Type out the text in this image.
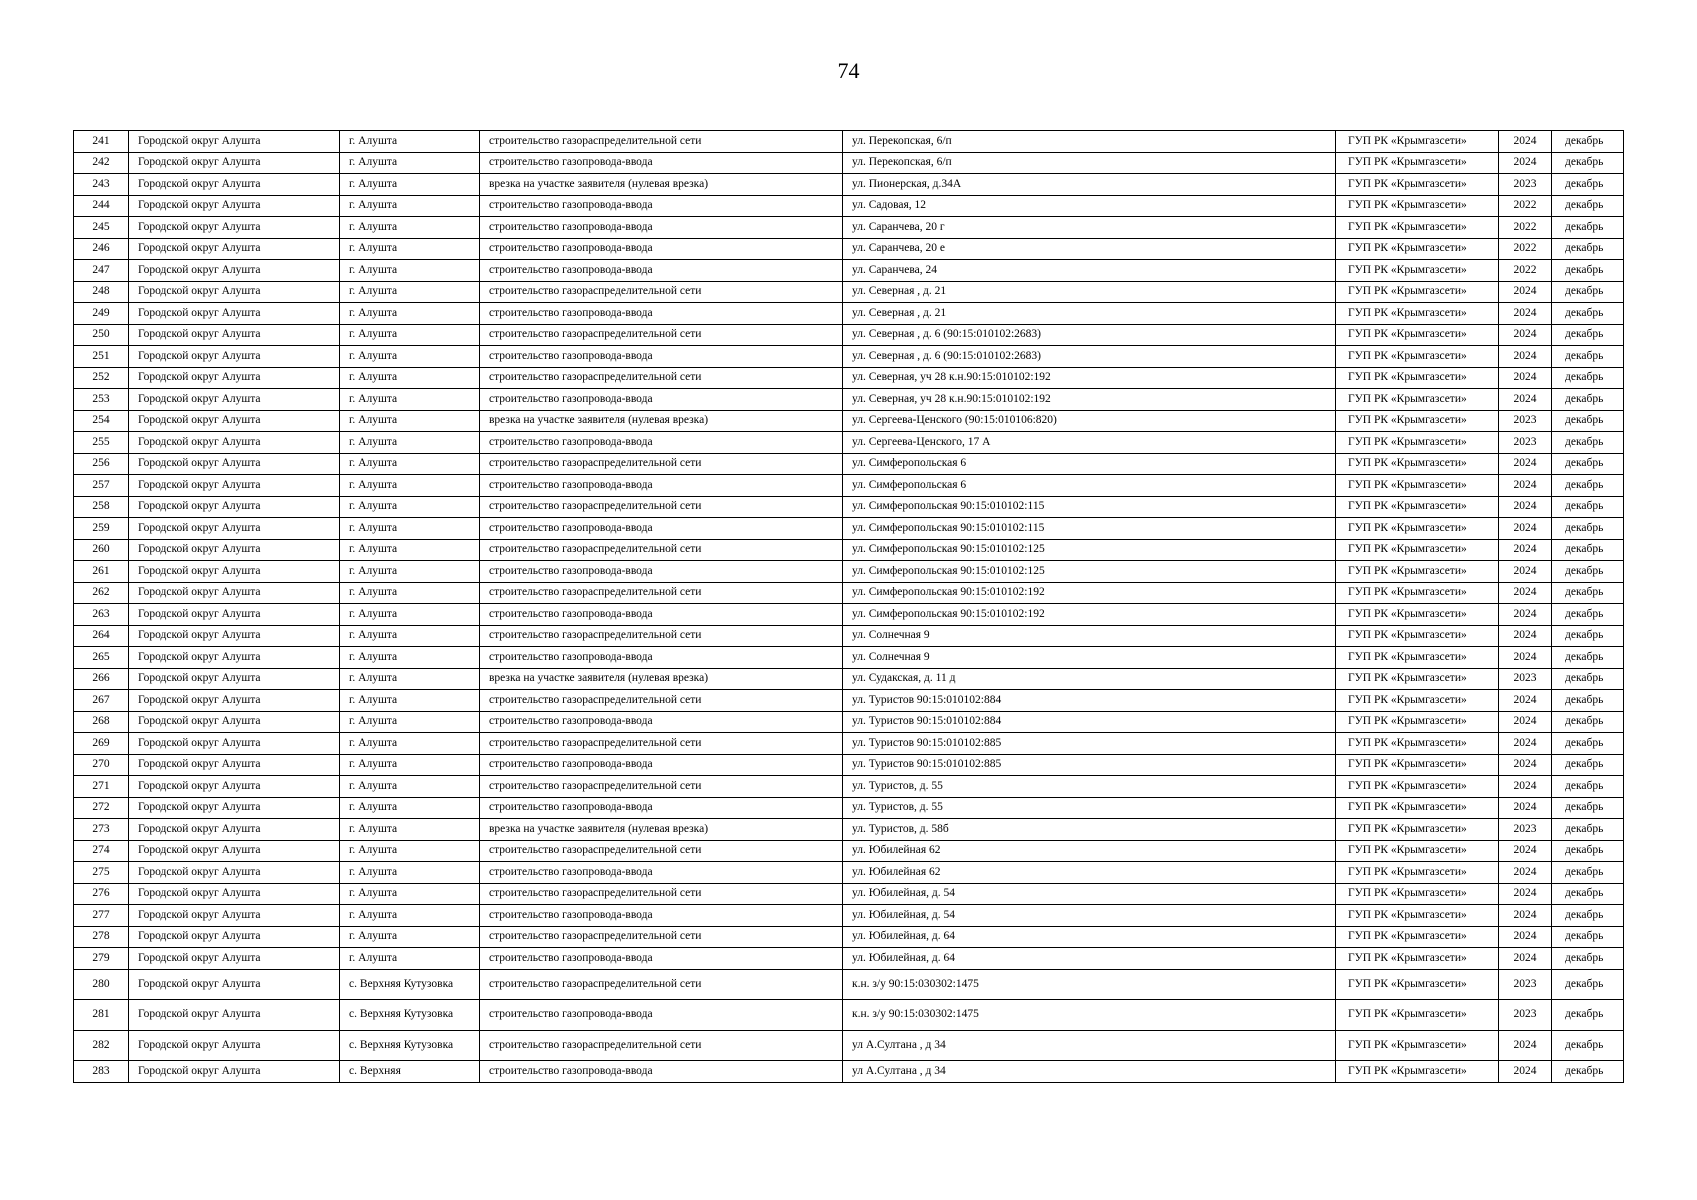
74
241	Городской округ Алушта	г. Алушта	строительство газораспределительной сети	ул. Перекопская, 6/п	ГУП РК «Крымгазсети»	2024	декабрь
242	Городской округ Алушта	г. Алушта	строительство газопровода-ввода	ул. Перекопская, 6/п	ГУП РК «Крымгазсети»	2024	декабрь
243	Городской округ Алушта	г. Алушта	врезка на участке заявителя (нулевая врезка)	ул. Пионерская, д.34А	ГУП РК «Крымгазсети»	2023	декабрь
244	Городской округ Алушта	г. Алушта	строительство газопровода-ввода	ул. Садовая, 12	ГУП РК «Крымгазсети»	2022	декабрь
245	Городской округ Алушта	г. Алушта	строительство газопровода-ввода	ул. Саранчева, 20 г	ГУП РК «Крымгазсети»	2022	декабрь
246	Городской округ Алушта	г. Алушта	строительство газопровода-ввода	ул. Саранчева, 20 е	ГУП РК «Крымгазсети»	2022	декабрь
247	Городской округ Алушта	г. Алушта	строительство газопровода-ввода	ул. Саранчева, 24	ГУП РК «Крымгазсети»	2022	декабрь
248	Городской округ Алушта	г. Алушта	строительство газораспределительной сети	ул. Северная , д. 21	ГУП РК «Крымгазсети»	2024	декабрь
249	Городской округ Алушта	г. Алушта	строительство газопровода-ввода	ул. Северная , д. 21	ГУП РК «Крымгазсети»	2024	декабрь
250	Городской округ Алушта	г. Алушта	строительство газораспределительной сети	ул. Северная , д. 6 (90:15:010102:2683)	ГУП РК «Крымгазсети»	2024	декабрь
251	Городской округ Алушта	г. Алушта	строительство газопровода-ввода	ул. Северная , д. 6 (90:15:010102:2683)	ГУП РК «Крымгазсети»	2024	декабрь
252	Городской округ Алушта	г. Алушта	строительство газораспределительной сети	ул. Северная, уч 28 к.н.90:15:010102:192	ГУП РК «Крымгазсети»	2024	декабрь
253	Городской округ Алушта	г. Алушта	строительство газопровода-ввода	ул. Северная, уч 28 к.н.90:15:010102:192	ГУП РК «Крымгазсети»	2024	декабрь
254	Городской округ Алушта	г. Алушта	врезка на участке заявителя (нулевая врезка)	ул. Сергеева-Ценского (90:15:010106:820)	ГУП РК «Крымгазсети»	2023	декабрь
255	Городской округ Алушта	г. Алушта	строительство газопровода-ввода	ул. Сергеева-Ценского, 17 А	ГУП РК «Крымгазсети»	2023	декабрь
256	Городской округ Алушта	г. Алушта	строительство газораспределительной сети	ул. Симферопольская 6	ГУП РК «Крымгазсети»	2024	декабрь
257	Городской округ Алушта	г. Алушта	строительство газопровода-ввода	ул. Симферопольская 6	ГУП РК «Крымгазсети»	2024	декабрь
258	Городской округ Алушта	г. Алушта	строительство газораспределительной сети	ул. Симферопольская 90:15:010102:115	ГУП РК «Крымгазсети»	2024	декабрь
259	Городской округ Алушта	г. Алушта	строительство газопровода-ввода	ул. Симферопольская 90:15:010102:115	ГУП РК «Крымгазсети»	2024	декабрь
260	Городской округ Алушта	г. Алушта	строительство газораспределительной сети	ул. Симферопольская 90:15:010102:125	ГУП РК «Крымгазсети»	2024	декабрь
261	Городской округ Алушта	г. Алушта	строительство газопровода-ввода	ул. Симферопольская 90:15:010102:125	ГУП РК «Крымгазсети»	2024	декабрь
262	Городской округ Алушта	г. Алушта	строительство газораспределительной сети	ул. Симферопольская 90:15:010102:192	ГУП РК «Крымгазсети»	2024	декабрь
263	Городской округ Алушта	г. Алушта	строительство газопровода-ввода	ул. Симферопольская 90:15:010102:192	ГУП РК «Крымгазсети»	2024	декабрь
264	Городской округ Алушта	г. Алушта	строительство газораспределительной сети	ул. Солнечная 9	ГУП РК «Крымгазсети»	2024	декабрь
265	Городской округ Алушта	г. Алушта	строительство газопровода-ввода	ул. Солнечная 9	ГУП РК «Крымгазсети»	2024	декабрь
266	Городской округ Алушта	г. Алушта	врезка на участке заявителя (нулевая врезка)	ул. Судакская, д. 11 д	ГУП РК «Крымгазсети»	2023	декабрь
267	Городской округ Алушта	г. Алушта	строительство газораспределительной сети	ул. Туристов 90:15:010102:884	ГУП РК «Крымгазсети»	2024	декабрь
268	Городской округ Алушта	г. Алушта	строительство газопровода-ввода	ул. Туристов 90:15:010102:884	ГУП РК «Крымгазсети»	2024	декабрь
269	Городской округ Алушта	г. Алушта	строительство газораспределительной сети	ул. Туристов 90:15:010102:885	ГУП РК «Крымгазсети»	2024	декабрь
270	Городской округ Алушта	г. Алушта	строительство газопровода-ввода	ул. Туристов 90:15:010102:885	ГУП РК «Крымгазсети»	2024	декабрь
271	Городской округ Алушта	г. Алушта	строительство газораспределительной сети	ул. Туристов, д. 55	ГУП РК «Крымгазсети»	2024	декабрь
272	Городской округ Алушта	г. Алушта	строительство газопровода-ввода	ул. Туристов, д. 55	ГУП РК «Крымгазсети»	2024	декабрь
273	Городской округ Алушта	г. Алушта	врезка на участке заявителя (нулевая врезка)	ул. Туристов, д. 58б	ГУП РК «Крымгазсети»	2023	декабрь
274	Городской округ Алушта	г. Алушта	строительство газораспределительной сети	ул. Юбилейная 62	ГУП РК «Крымгазсети»	2024	декабрь
275	Городской округ Алушта	г. Алушта	строительство газопровода-ввода	ул. Юбилейная 62	ГУП РК «Крымгазсети»	2024	декабрь
276	Городской округ Алушта	г. Алушта	строительство газораспределительной сети	ул. Юбилейная, д. 54	ГУП РК «Крымгазсети»	2024	декабрь
277	Городской округ Алушта	г. Алушта	строительство газопровода-ввода	ул. Юбилейная, д. 54	ГУП РК «Крымгазсети»	2024	декабрь
278	Городской округ Алушта	г. Алушта	строительство газораспределительной сети	ул. Юбилейная, д. 64	ГУП РК «Крымгазсети»	2024	декабрь
279	Городской округ Алушта	г. Алушта	строительство газопровода-ввода	ул. Юбилейная, д. 64	ГУП РК «Крымгазсети»	2024	декабрь
280	Городской округ Алушта	с. Верхняя Кутузовка	строительство газораспределительной сети	к.н. з/у 90:15:030302:1475	ГУП РК «Крымгазсети»	2023	декабрь
281	Городской округ Алушта	с. Верхняя Кутузовка	строительство газопровода-ввода	к.н. з/у 90:15:030302:1475	ГУП РК «Крымгазсети»	2023	декабрь
282	Городской округ Алушта	с. Верхняя Кутузовка	строительство газораспределительной сети	ул А.Султана , д 34	ГУП РК «Крымгазсети»	2024	декабрь
283	Городской округ Алушта	с. Верхняя	строительство газопровода-ввода	ул А.Султана , д 34	ГУП РК «Крымгазсети»	2024	декабрь
